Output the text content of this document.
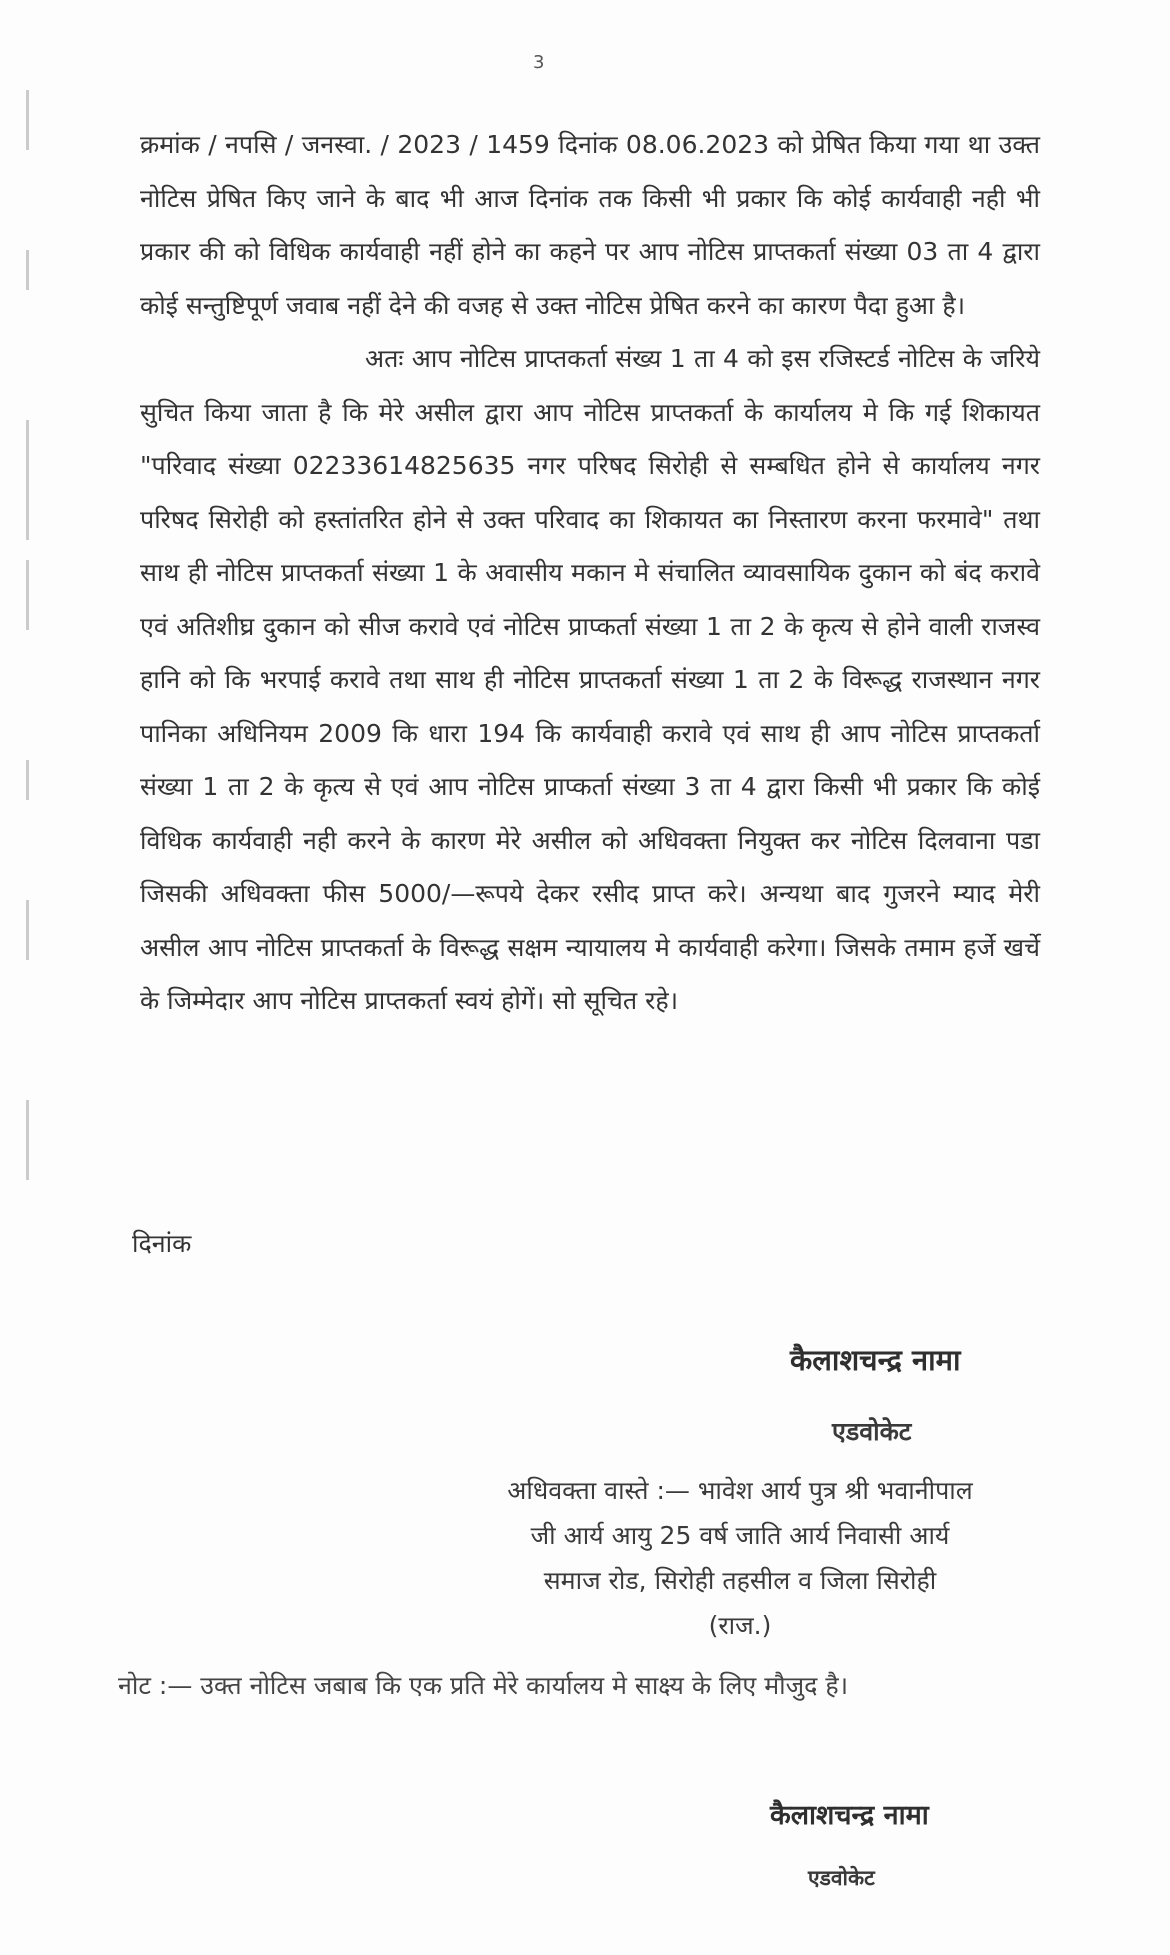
3

क्रमांक / नपसि / जनस्वा. / 2023 / 1459 दिनांक 08.06.2023 को प्रेषित किया गया था उक्त नोटिस प्रेषित किए जाने के बाद भी आज दिनांक तक किसी भी प्रकार कि कोई कार्यवाही नही भी प्रकार की को विधिक कार्यवाही नहीं होने का कहने पर आप नोटिस प्राप्तकर्ता संख्या 03 ता 4 द्वारा कोई सन्तुष्टिपूर्ण जवाब नहीं देने की वजह से उक्त नोटिस प्रेषित करने का कारण पैदा हुआ है।

अतः आप नोटिस प्राप्तकर्ता संख्य 1 ता 4 को इस रजिस्टर्ड नोटिस के जरिये सुचित किया जाता है कि मेरे असील द्वारा आप नोटिस प्राप्तकर्ता के कार्यालय मे कि गई शिकायत "परिवाद संख्या 02233614825635 नगर परिषद सिरोही से सम्बधित होने से कार्यालय नगर परिषद सिरोही को हस्तांतरित होने से उक्त परिवाद का शिकायत का निस्तारण करना फरमावे" तथा साथ ही नोटिस प्राप्तकर्ता संख्या 1 के अवासीय मकान मे संचालित व्यावसायिक दुकान को बंद करावे एवं अतिशीघ्र दुकान को सीज करावे एवं नोटिस प्राप्कर्ता संख्या 1 ता 2 के कृत्य से होने वाली राजस्व हानि को कि भरपाई करावे तथा साथ ही नोटिस प्राप्तकर्ता संख्या 1 ता 2 के विरूद्ध राजस्थान नगर पानिका अधिनियम 2009 कि धारा 194 कि कार्यवाही करावे एवं साथ ही आप नोटिस प्राप्तकर्ता संख्या 1 ता 2 के कृत्य से एवं आप नोटिस प्राप्कर्ता संख्या 3 ता 4 द्वारा किसी भी प्रकार कि कोई विधिक कार्यवाही नही करने के कारण मेरे असील को अधिवक्ता नियुक्त कर नोटिस दिलवाना पडा जिसकी अधिवक्ता फीस 5000/—रूपये देकर रसीद प्राप्त करे। अन्यथा बाद गुजरने म्याद मेरी असील आप नोटिस प्राप्तकर्ता के विरूद्ध सक्षम न्यायालय मे कार्यवाही करेगा। जिसके तमाम हर्जे खर्चे के जिम्मेदार आप नोटिस प्राप्तकर्ता स्वयं होगें। सो सूचित रहे।

दिनांक
कैलाशचन्द्र नामा
एडवोकेट
अधिवक्ता वास्ते :— भावेश आर्य पुत्र श्री भवानीपाल
जी आर्य आयु 25 वर्ष जाति आर्य निवासी आर्य
समाज रोड, सिरोही तहसील व जिला सिरोही
(राज.)
नोट :— उक्त नोटिस जबाब कि एक प्रति मेरे कार्यालय मे साक्ष्य के लिए मौजुद है।
कैलाशचन्द्र नामा
एडवोकेट
